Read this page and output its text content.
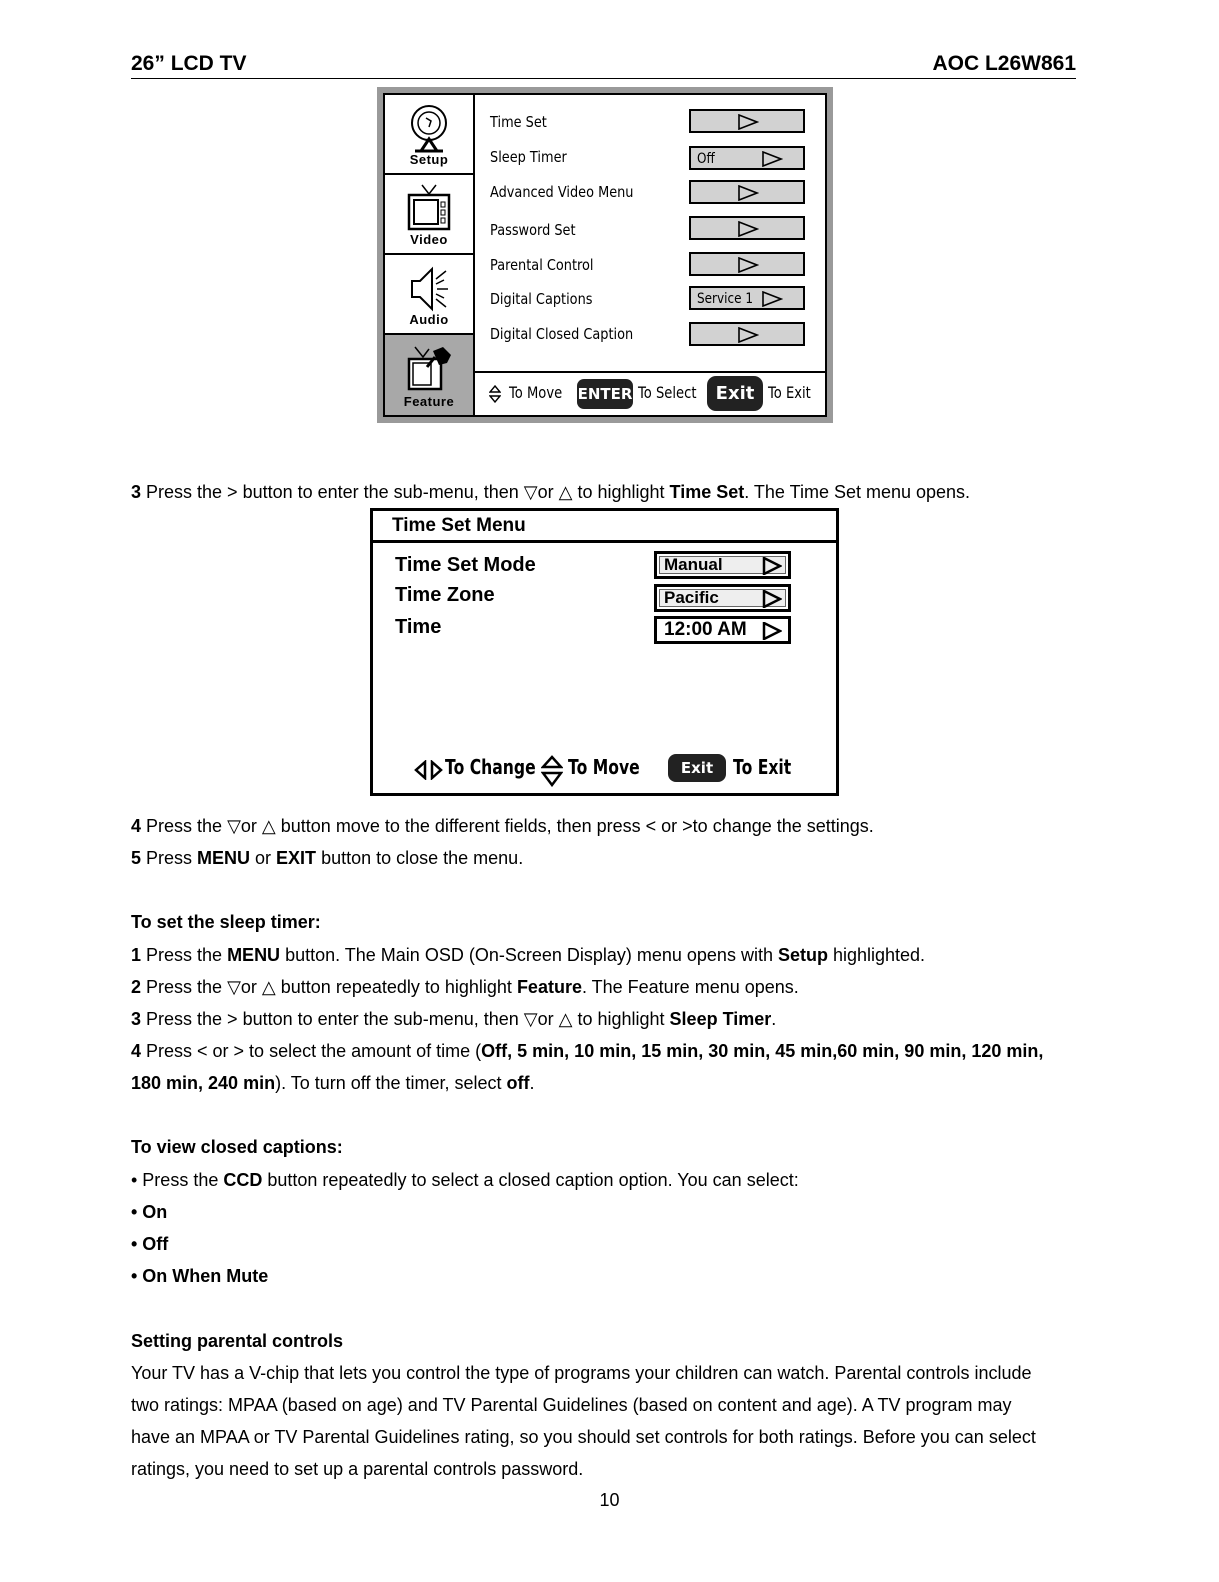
26” LCD TV	AOC L26W861
Setup
Video
Audio
Feature
Time Set
Sleep Timer	Off
Advanced Video Menu
Password Set
Parental Control
Digital Captions	Service 1
Digital Closed Caption
To Move ENTER To Select	Exit To Exit
3 Press the > button to enter the sub-menu, then ▽or △ to highlight Time Set. The Time Set menu opens.
Time Set Menu
Time Set Mode	Manual
Time Zone	Pacific
Time	12:00 AM
To Change To Move	Exit To Exit
4 Press the ▽or △ button move to the different fields, then press < or >to change the settings.
5 Press MENU or EXIT button to close the menu.
To set the sleep timer:
1 Press the MENU button. The Main OSD (On-Screen Display) menu opens with Setup highlighted.
2 Press the ▽or △ button repeatedly to highlight Feature. The Feature menu opens.
3 Press the > button to enter the sub-menu, then ▽or △ to highlight Sleep Timer.
4 Press < or > to select the amount of time (Off, 5 min, 10 min, 15 min, 30 min, 45 min,60 min, 90 min, 120 min,
180 min, 240 min). To turn off the timer, select off.
To view closed captions:
• Press the CCD button repeatedly to select a closed caption option. You can select:
• On
• Off
• On When Mute
Setting parental controls
Your TV has a V-chip that lets you control the type of programs your children can watch. Parental controls include
two ratings: MPAA (based on age) and TV Parental Guidelines (based on content and age). A TV program may
have an MPAA or TV Parental Guidelines rating, so you should set controls for both ratings. Before you can select
ratings, you need to set up a parental controls password.
10
